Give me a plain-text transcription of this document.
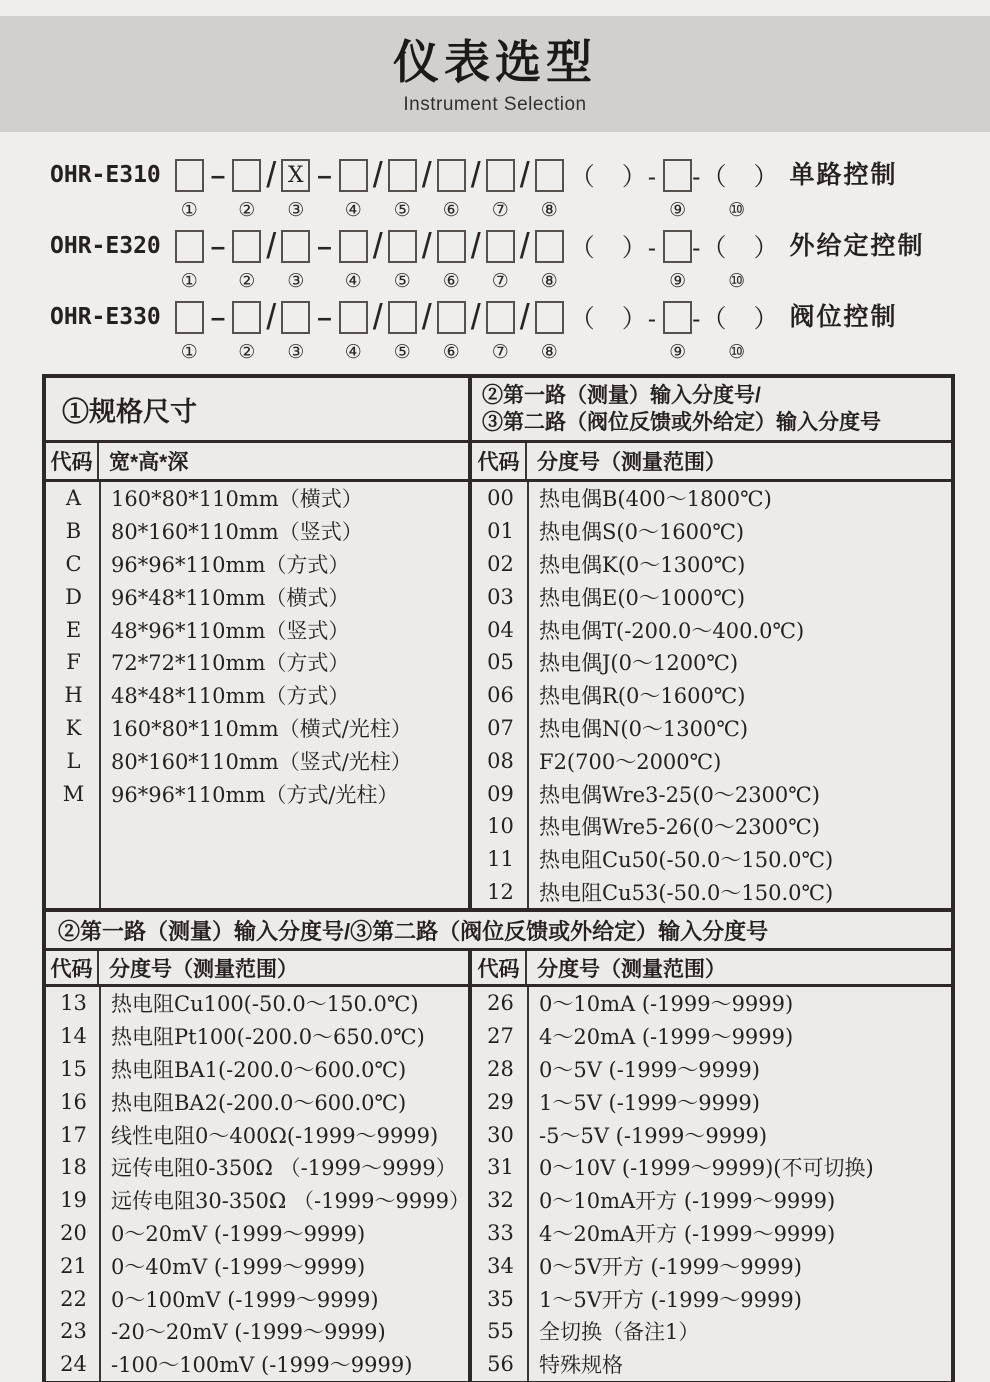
仪表选型
Instrument Selection
OHR-E310
①
–
②
/ X
③
–
④
/
⑤
/
⑥
/
⑦
/
⑧
（　）-
⑨
-（　）
⑩
单路控制
OHR-E320
①
–
②
/
③
–
④
/
⑤
/
⑥
/
⑦
/
⑧
（　）-
⑨
-（　）
⑩
外给定控制
OHR-E330
①
–
②
/
③
–
④
/
⑤
/
⑥
/
⑦
/
⑧
（　）-
⑨
-（　）
⑩
阀位控制
①规格尺寸
②第一路（测量）输入分度号/
③第二路（阀位反馈或外给定）输入分度号
代码 宽*高*深	代码 分度号（测量范围）
A	160*80*110mm（横式）
B	80*160*110mm（竖式）
C	96*96*110mm（方式）
D	96*48*110mm（横式）
E	48*96*110mm（竖式）
F	72*72*110mm（方式）
H	48*48*110mm（方式）
K	160*80*110mm（横式/光柱）
L	80*160*110mm（竖式/光柱）
M	96*96*110mm（方式/光柱）
00	热电偶B(400～1800℃)
01	热电偶S(0～1600℃)
02	热电偶K(0～1300℃)
03	热电偶E(0～1000℃)
04	热电偶T(-200.0～400.0℃)
05	热电偶J(0～1200℃)
06	热电偶R(0～1600℃)
07	热电偶N(0～1300℃)
08	F2(700～2000℃)
09	热电偶Wre3-25(0～2300℃)
10	热电偶Wre5-26(0～2300℃)
11	热电阻Cu50(-50.0～150.0℃)
12	热电阻Cu53(-50.0～150.0℃)
②第一路（测量）输入分度号/③第二路（阀位反馈或外给定）输入分度号
代码 分度号（测量范围）	代码 分度号（测量范围）
13	热电阻Cu100(-50.0～150.0℃)
14	热电阻Pt100(-200.0～650.0℃)
15	热电阻BA1(-200.0～600.0℃)
16	热电阻BA2(-200.0～600.0℃)
17	线性电阻0～400Ω(-1999～9999)
18	远传电阻0-350Ω （-1999～9999）
19	远传电阻30-350Ω （-1999～9999）
20	0～20mV (-1999～9999)
21	0～40mV (-1999～9999)
22	0～100mV (-1999～9999)
23	-20～20mV (-1999～9999)
24	-100～100mV (-1999～9999)
26	0～10mA (-1999～9999)
27	4～20mA (-1999～9999)
28	0～5V (-1999～9999)
29	1～5V (-1999～9999)
30	-5～5V (-1999～9999)
31	0～10V (-1999～9999)(不可切换)
32	0～10mA开方 (-1999～9999)
33	4～20mA开方 (-1999～9999)
34	0～5V开方 (-1999～9999)
35	1～5V开方 (-1999～9999)
55	全切换（备注1）
56	特殊规格
